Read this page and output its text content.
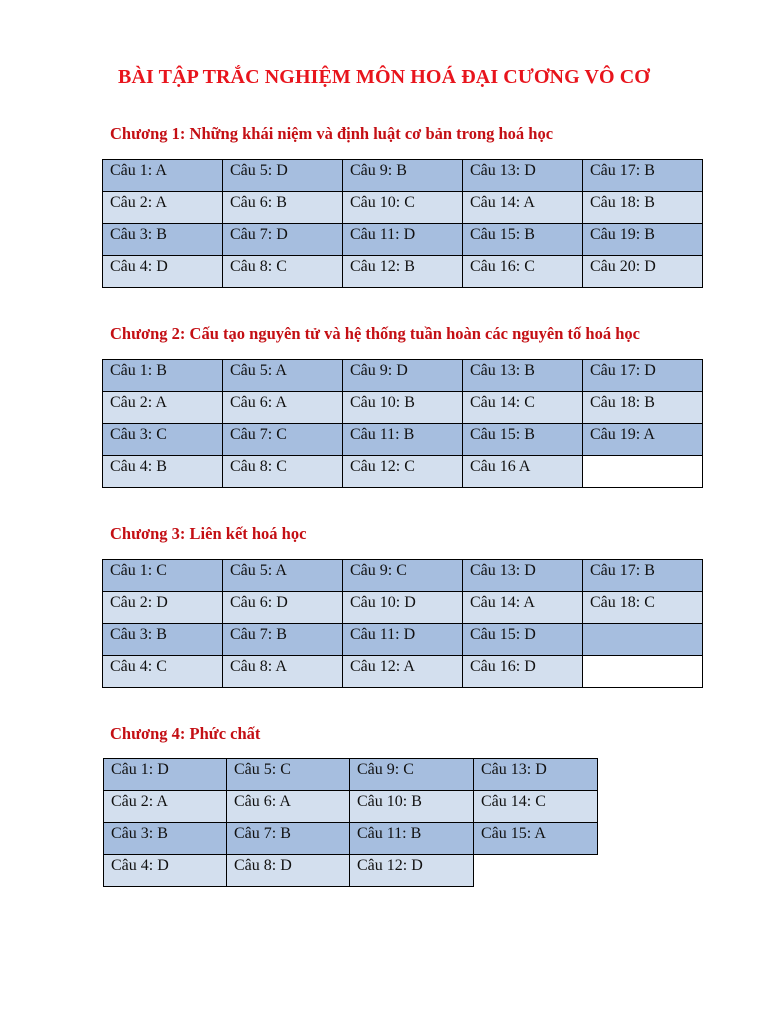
BÀI TẬP TRẮC NGHIỆM MÔN HOÁ ĐẠI CƯƠNG VÔ CƠ
Chương 1: Những khái niệm và định luật cơ bản trong hoá học
Câu 1: A	Câu 5: D	Câu 9: B	Câu 13: D	Câu 17: B
Câu 2: A	Câu 6: B	Câu 10: C	Câu 14: A	Câu 18: B
Câu 3: B	Câu 7: D	Câu 11: D	Câu 15: B	Câu 19: B
Câu 4: D	Câu 8: C	Câu 12: B	Câu 16: C	Câu 20: D
Chương 2: Cấu tạo nguyên tử và hệ thống tuần hoàn các nguyên tố hoá học
Câu 1: B	Câu 5: A	Câu 9: D	Câu 13: B	Câu 17: D
Câu 2: A	Câu 6: A	Câu 10: B	Câu 14: C	Câu 18: B
Câu 3: C	Câu 7: C	Câu 11: B	Câu 15: B	Câu 19: A
Câu 4: B	Câu 8: C	Câu 12: C	Câu 16 A	
Chương 3: Liên kết hoá học
Câu 1: C	Câu 5: A	Câu 9: C	Câu 13: D	Câu 17: B
Câu 2: D	Câu 6: D	Câu 10: D	Câu 14: A	Câu 18: C
Câu 3: B	Câu 7: B	Câu 11: D	Câu 15: D	
Câu 4: C	Câu 8: A	Câu 12: A	Câu 16: D	
Chương 4: Phức chất
Câu 1: D	Câu 5: C	Câu 9: C	Câu 13: D
Câu 2: A	Câu 6: A	Câu 10: B	Câu 14: C
Câu 3: B	Câu 7: B	Câu 11: B	Câu 15: A
Câu 4: D	Câu 8: D	Câu 12: D	
